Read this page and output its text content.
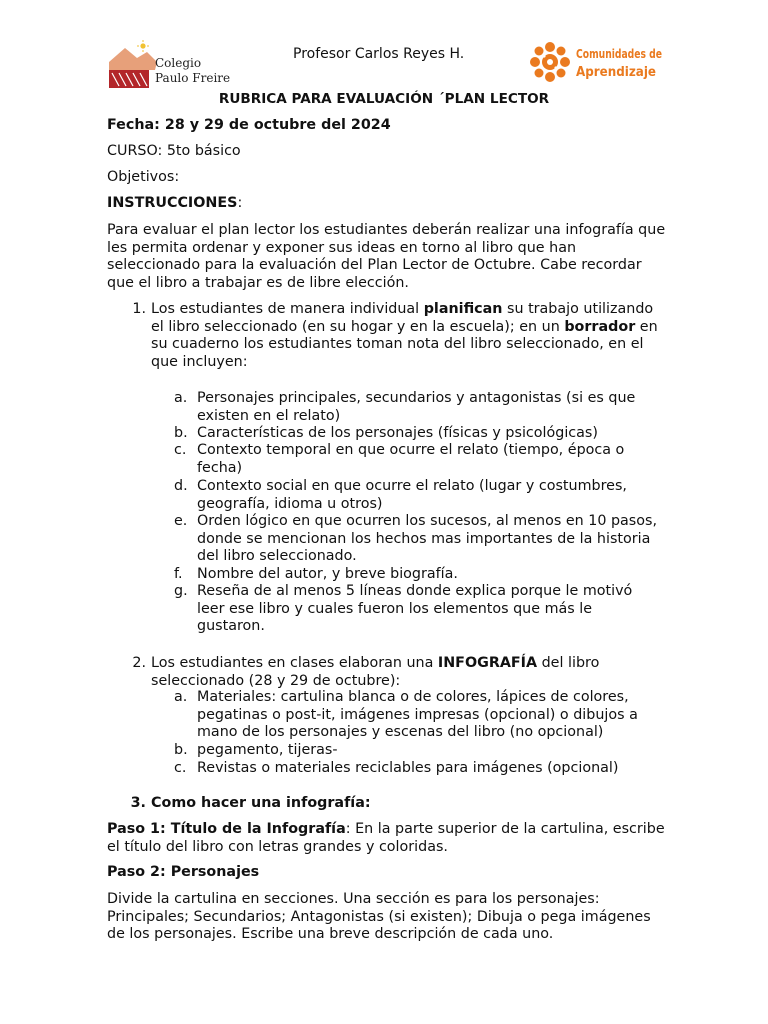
Colegio
Paulo Freire
Profesor Carlos Reyes H.	Comunidades de
Aprendizaje
RUBRICA PARA EVALUACIÓN ´PLAN LECTOR

Fecha: 28 y 29 de octubre del 2024

CURSO: 5to básico

Objetivos:

INSTRUCCIONES:

Para evaluar el plan lector los estudiantes deberán realizar una infografía que les permita ordenar y exponer sus ideas en torno al libro que han seleccionado para la evaluación del Plan Lector de Octubre. Cabe recordar que el libro a trabajar es de libre elección.

1. Los estudiantes de manera individual planifican su trabajo utilizando el libro seleccionado (en su hogar y en la escuela); en un borrador en su cuaderno los estudiantes toman nota del libro seleccionado, en el que incluyen:

a. Personajes principales, secundarios y antagonistas (si es que existen en el relato)
b. Características de los personajes (físicas y psicológicas)
c. Contexto temporal en que ocurre el relato (tiempo, época o fecha)
d. Contexto social en que ocurre el relato (lugar y costumbres, geografía, idioma u otros)
e. Orden lógico en que ocurren los sucesos, al menos en 10 pasos, donde se mencionan los hechos mas importantes de la historia del libro seleccionado.
f.	Nombre del autor, y breve biografía.
g. Reseña de al menos 5 líneas donde explica porque le motivó leer ese libro y cuales fueron los elementos que más le gustaron.
2. Los estudiantes en clases elaboran una INFOGRAFÍA del libro seleccionado (28 y 29 de octubre):

a. Materiales: cartulina blanca o de colores, lápices de colores, pegatinas o post-it, imágenes impresas (opcional) o dibujos a mano de los personajes y escenas del libro (no opcional)
b. pegamento, tijeras-
c. Revistas o materiales reciclables para imágenes (opcional)
3. Como hacer una infografía:

Paso 1: Título de la Infografía: En la parte superior de la cartulina, escribe el título del libro con letras grandes y coloridas.

Paso 2: Personajes

Divide la cartulina en secciones. Una sección es para los personajes: Principales; Secundarios; Antagonistas (si existen); Dibuja o pega imágenes de los personajes. Escribe una breve descripción de cada uno.
